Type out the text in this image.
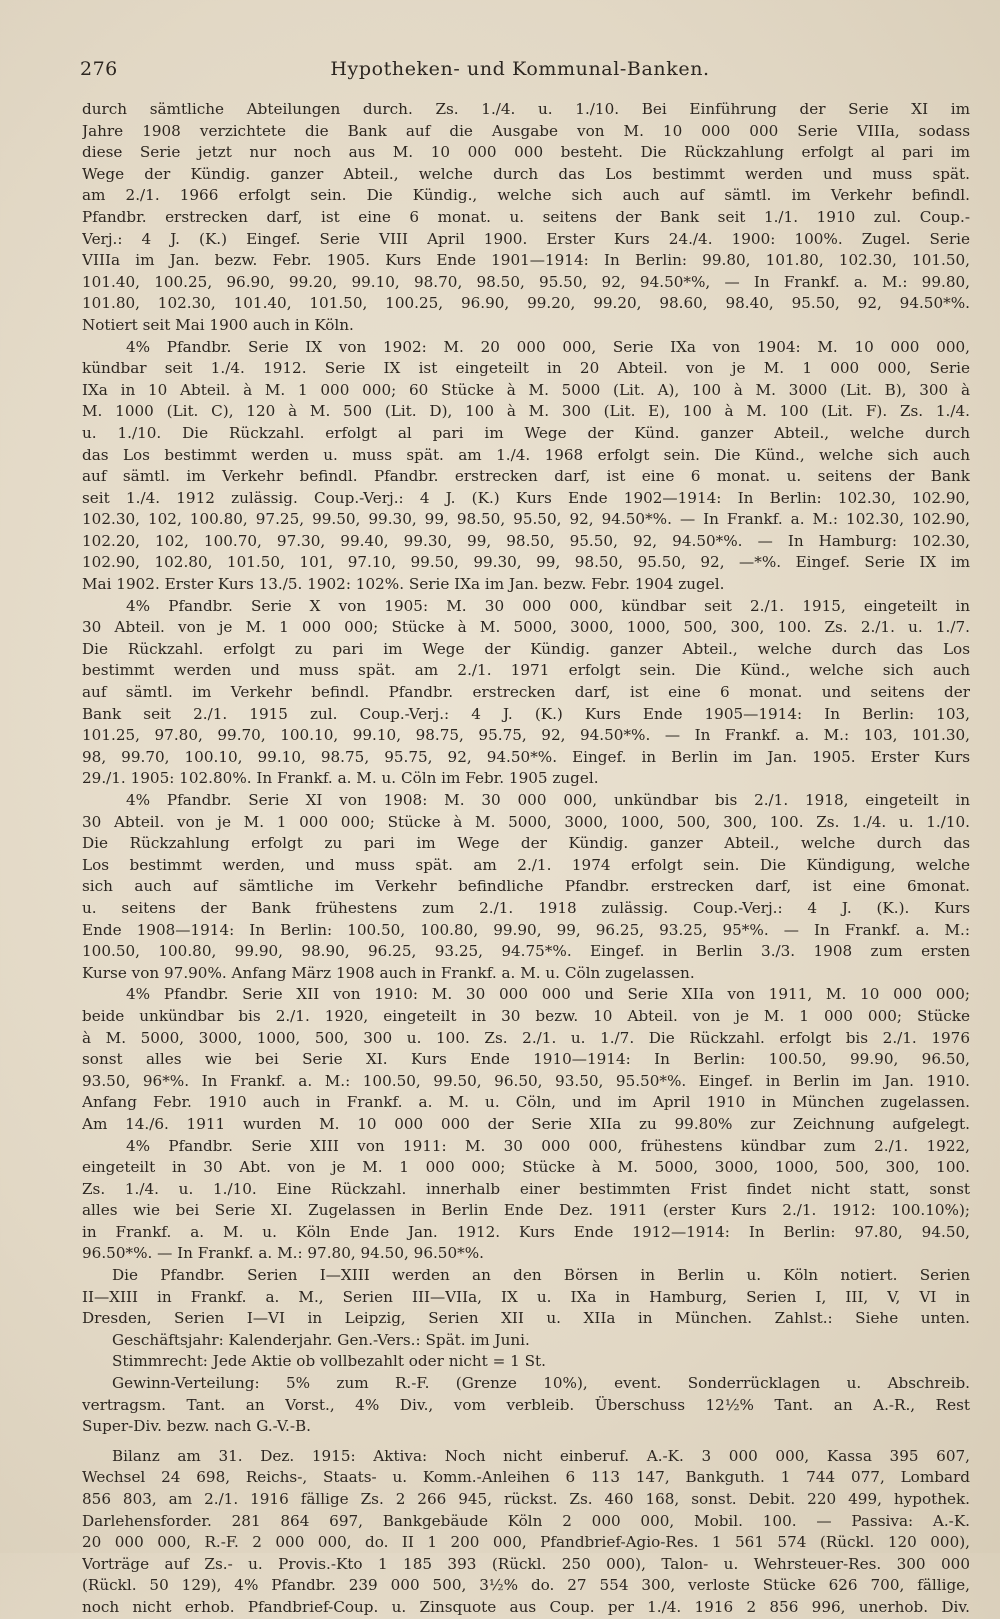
276	Hypotheken- und Kommunal-Banken.
durch sämtliche Abteilungen durch. Zs. 1./4. u. 1./10. Bei Einführung der Serie XI im
Jahre 1908 verzichtete die Bank auf die Ausgabe von M. 10 000 000 Serie VIIIa, sodass
diese Serie jetzt nur noch aus M. 10 000 000 besteht. Die Rückzahlung erfolgt al pari im
Wege der Kündig. ganzer Abteil., welche durch das Los bestimmt werden und muss spät.
am 2./1. 1966 erfolgt sein. Die Kündig., welche sich auch auf sämtl. im Verkehr befindl.
Pfandbr. erstrecken darf, ist eine 6 monat. u. seitens der Bank seit 1./1. 1910 zul. Coup.-
Verj.: 4 J. (K.) Eingef. Serie VIII April 1900. Erster Kurs 24./4. 1900: 100%. Zugel. Serie
VIIIa im Jan. bezw. Febr. 1905. Kurs Ende 1901—1914: In Berlin: 99.80, 101.80, 102.30, 101.50,
101.40, 100.25, 96.90, 99.20, 99.10, 98.70, 98.50, 95.50, 92, 94.50*%, — In Frankf. a. M.: 99.80,
101.80, 102.30, 101.40, 101.50, 100.25, 96.90, 99.20, 99.20, 98.60, 98.40, 95.50, 92, 94.50*%.
Notiert seit Mai 1900 auch in Köln.
4% Pfandbr. Serie IX von 1902: M. 20 000 000, Serie IXa von 1904: M. 10 000 000,
kündbar seit 1./4. 1912. Serie IX ist eingeteilt in 20 Abteil. von je M. 1 000 000, Serie
IXa in 10 Abteil. à M. 1 000 000; 60 Stücke à M. 5000 (Lit. A), 100 à M. 3000 (Lit. B), 300 à
M. 1000 (Lit. C), 120 à M. 500 (Lit. D), 100 à M. 300 (Lit. E), 100 à M. 100 (Lit. F). Zs. 1./4.
u. 1./10. Die Rückzahl. erfolgt al pari im Wege der Künd. ganzer Abteil., welche durch
das Los bestimmt werden u. muss spät. am 1./4. 1968 erfolgt sein. Die Künd., welche sich auch
auf sämtl. im Verkehr befindl. Pfandbr. erstrecken darf, ist eine 6 monat. u. seitens der Bank
seit 1./4. 1912 zulässig. Coup.-Verj.: 4 J. (K.) Kurs Ende 1902—1914: In Berlin: 102.30, 102.90,
102.30, 102, 100.80, 97.25, 99.50, 99.30, 99, 98.50, 95.50, 92, 94.50*%. — In Frankf. a. M.: 102.30, 102.90,
102.20, 102, 100.70, 97.30, 99.40, 99.30, 99, 98.50, 95.50, 92, 94.50*%. — In Hamburg: 102.30,
102.90, 102.80, 101.50, 101, 97.10, 99.50, 99.30, 99, 98.50, 95.50, 92, —*%. Eingef. Serie IX im
Mai 1902. Erster Kurs 13./5. 1902: 102%. Serie IXa im Jan. bezw. Febr. 1904 zugel.
4% Pfandbr. Serie X von 1905: M. 30 000 000, kündbar seit 2./1. 1915, eingeteilt in
30 Abteil. von je M. 1 000 000; Stücke à M. 5000, 3000, 1000, 500, 300, 100. Zs. 2./1. u. 1./7.
Die Rückzahl. erfolgt zu pari im Wege der Kündig. ganzer Abteil., welche durch das Los
bestimmt werden und muss spät. am 2./1. 1971 erfolgt sein. Die Künd., welche sich auch
auf sämtl. im Verkehr befindl. Pfandbr. erstrecken darf, ist eine 6 monat. und seitens der
Bank seit 2./1. 1915 zul. Coup.-Verj.: 4 J. (K.) Kurs Ende 1905—1914: In Berlin: 103,
101.25, 97.80, 99.70, 100.10, 99.10, 98.75, 95.75, 92, 94.50*%. — In Frankf. a. M.: 103, 101.30,
98, 99.70, 100.10, 99.10, 98.75, 95.75, 92, 94.50*%. Eingef. in Berlin im Jan. 1905. Erster Kurs
29./1. 1905: 102.80%. In Frankf. a. M. u. Cöln im Febr. 1905 zugel.
4% Pfandbr. Serie XI von 1908: M. 30 000 000, unkündbar bis 2./1. 1918, eingeteilt in
30 Abteil. von je M. 1 000 000; Stücke à M. 5000, 3000, 1000, 500, 300, 100. Zs. 1./4. u. 1./10.
Die Rückzahlung erfolgt zu pari im Wege der Kündig. ganzer Abteil., welche durch das
Los bestimmt werden, und muss spät. am 2./1. 1974 erfolgt sein. Die Kündigung, welche
sich auch auf sämtliche im Verkehr befindliche Pfandbr. erstrecken darf, ist eine 6monat.
u. seitens der Bank frühestens zum 2./1. 1918 zulässig. Coup.-Verj.: 4 J. (K.). Kurs
Ende 1908—1914: In Berlin: 100.50, 100.80, 99.90, 99, 96.25, 93.25, 95*%. — In Frankf. a. M.:
100.50, 100.80, 99.90, 98.90, 96.25, 93.25, 94.75*%. Eingef. in Berlin 3./3. 1908 zum ersten
Kurse von 97.90%. Anfang März 1908 auch in Frankf. a. M. u. Cöln zugelassen.
4% Pfandbr. Serie XII von 1910: M. 30 000 000 und Serie XIIa von 1911, M. 10 000 000;
beide unkündbar bis 2./1. 1920, eingeteilt in 30 bezw. 10 Abteil. von je M. 1 000 000; Stücke
à M. 5000, 3000, 1000, 500, 300 u. 100. Zs. 2./1. u. 1./7. Die Rückzahl. erfolgt bis 2./1. 1976
sonst alles wie bei Serie XI. Kurs Ende 1910—1914: In Berlin: 100.50, 99.90, 96.50,
93.50, 96*%. In Frankf. a. M.: 100.50, 99.50, 96.50, 93.50, 95.50*%. Eingef. in Berlin im Jan. 1910.
Anfang Febr. 1910 auch in Frankf. a. M. u. Cöln, und im April 1910 in München zugelassen.
Am 14./6. 1911 wurden M. 10 000 000 der Serie XIIa zu 99.80% zur Zeichnung aufgelegt.
4% Pfandbr. Serie XIII von 1911: M. 30 000 000, frühestens kündbar zum 2./1. 1922,
eingeteilt in 30 Abt. von je M. 1 000 000; Stücke à M. 5000, 3000, 1000, 500, 300, 100.
Zs. 1./4. u. 1./10. Eine Rückzahl. innerhalb einer bestimmten Frist findet nicht statt, sonst
alles wie bei Serie XI. Zugelassen in Berlin Ende Dez. 1911 (erster Kurs 2./1. 1912: 100.10%);
in Frankf. a. M. u. Köln Ende Jan. 1912. Kurs Ende 1912—1914: In Berlin: 97.80, 94.50,
96.50*%. — In Frankf. a. M.: 97.80, 94.50, 96.50*%.
Die Pfandbr. Serien I—XIII werden an den Börsen in Berlin u. Köln notiert. Serien
II—XIII in Frankf. a. M., Serien III—VIIa, IX u. IXa in Hamburg, Serien I, III, V, VI in
Dresden, Serien I—VI in Leipzig, Serien XII u. XIIa in München. Zahlst.: Siehe unten.
Geschäftsjahr: Kalenderjahr. Gen.-Vers.: Spät. im Juni.
Stimmrecht: Jede Aktie ob vollbezahlt oder nicht = 1 St.
Gewinn-Verteilung: 5% zum R.-F. (Grenze 10%), event. Sonderrücklagen u. Abschreib.
vertragsm. Tant. an Vorst., 4% Div., vom verbleib. Überschuss 12½% Tant. an A.-R., Rest
Super-Div. bezw. nach G.-V.-B.
Bilanz am 31. Dez. 1915: Aktiva: Noch nicht einberuf. A.-K. 3 000 000, Kassa 395 607,
Wechsel 24 698, Reichs-, Staats- u. Komm.-Anleihen 6 113 147, Bankguth. 1 744 077, Lombard
856 803, am 2./1. 1916 fällige Zs. 2 266 945, rückst. Zs. 460 168, sonst. Debit. 220 499, hypothek.
Darlehensforder. 281 864 697, Bankgebäude Köln 2 000 000, Mobil. 100. — Passiva: A.-K.
20 000 000, R.-F. 2 000 000, do. II 1 200 000, Pfandbrief-Agio-Res. 1 561 574 (Rückl. 120 000),
Vorträge auf Zs.- u. Provis.-Kto 1 185 393 (Rückl. 250 000), Talon- u. Wehrsteuer-Res. 300 000
(Rückl. 50 129), 4% Pfandbr. 239 000 500, 3½% do. 27 554 300, verloste Stücke 626 700, fällige,
noch nicht erhob. Pfandbrief-Coup. u. Zinsquote aus Coup. per 1./4. 1916 2 856 996, unerhob. Div.
